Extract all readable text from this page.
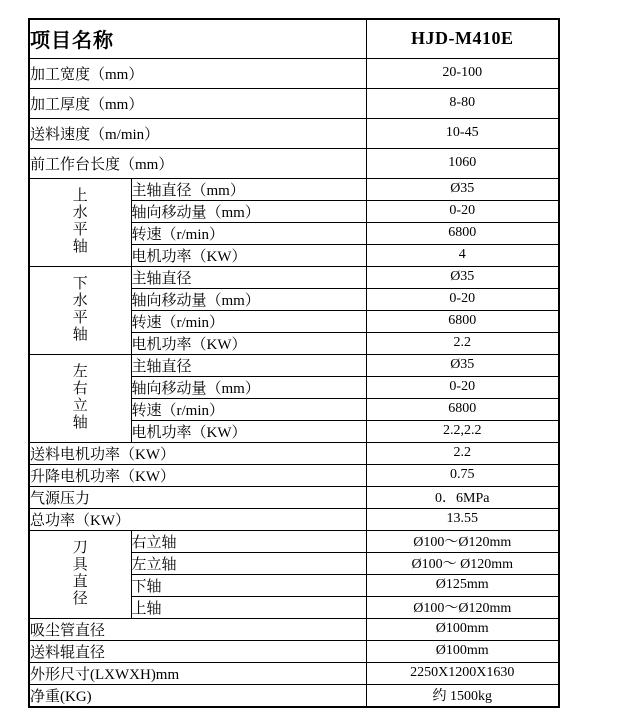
项目名称		HJD-M410E
加工宽度（mm）		20-100
加工厚度（mm）		8-80
送料速度（m/min）		10-45
前工作台长度（mm）		1060

上水平轴	主轴直径（mm）	Ø35
	轴向移动量（mm）	0-20
	转速（r/min）	6800
	电机功率（KW）	4

下水平轴	主轴直径	Ø35
	轴向移动量（mm）	0-20
	转速（r/min）	6800
	电机功率（KW）	2.2

左右立轴	主轴直径	Ø35
	轴向移动量（mm）	0-20
	转速（r/min）	6800
	电机功率（KW）	2.2,2.2
送料电机功率（KW）		2.2
升降电机功率（KW）		0.75
气源压力		0．6MPa
总功率（KW）		13.55

刀具直径	右立轴	Ø100～Ø120mm
	左立轴	Ø100～ Ø120mm
	下轴	Ø125mm
	上轴	Ø100～Ø120mm
吸尘管直径		Ø100mm
送料辊直径		Ø100mm
外形尺寸(LXWXH)mm		2250X1200X1630
净重(KG)		约 1500kg
